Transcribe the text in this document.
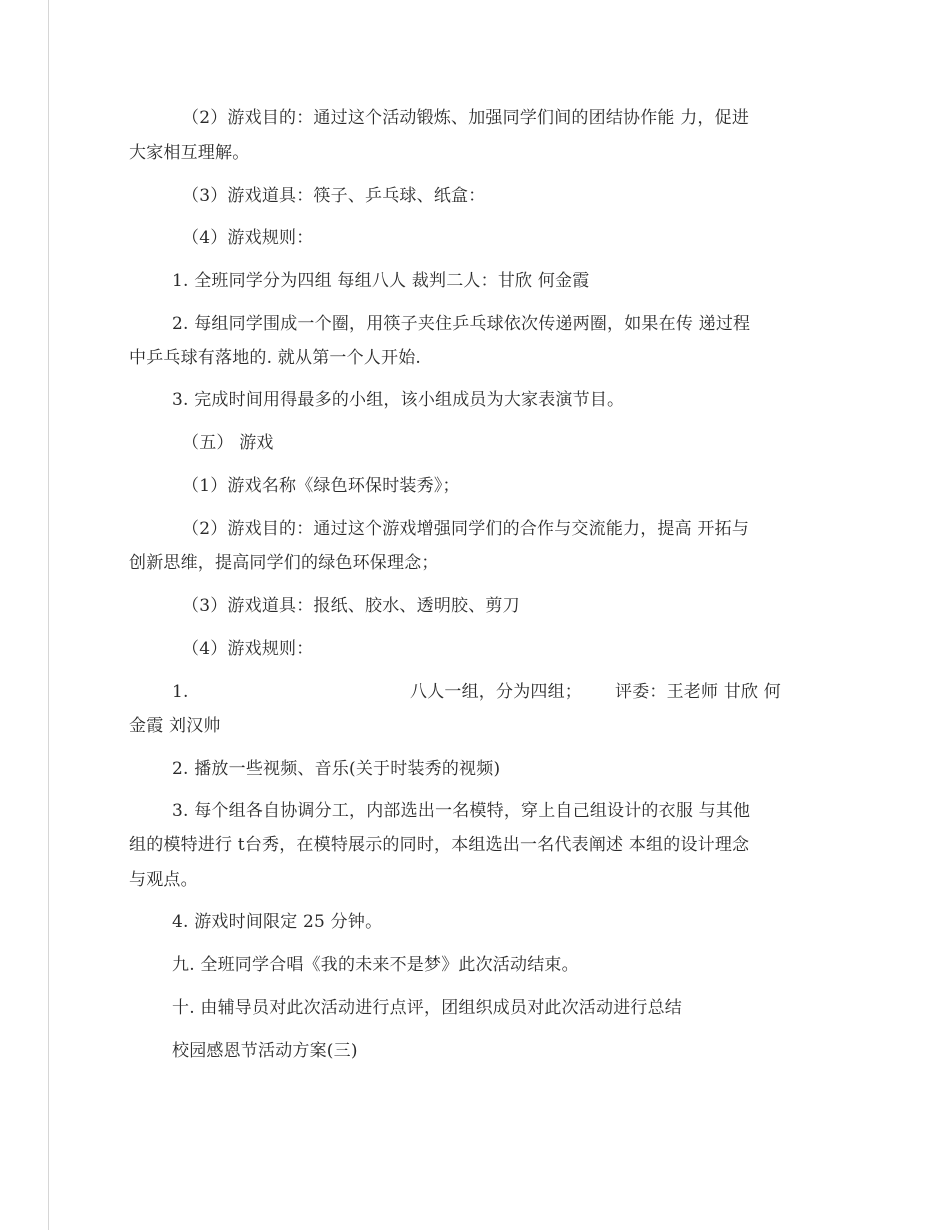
（2）游戏目的：通过这个活动锻炼、加强同学们间的团结协作能 力，促进
大家相互理解。
（3）游戏道具：筷子、乒乓球、纸盒：
（4）游戏规则：
1. 全班同学分为四组 每组八人 裁判二人：甘欣 何金霞
2. 每组同学围成一个圈，用筷子夹住乒乓球依次传递两圈，如果在传 递过程
中乒乓球有落地的. 就从第一个人开始.
3. 完成时间用得最多的小组，该小组成员为大家表演节目。
（五） 游戏
（1）游戏名称《绿色环保时装秀》；
（2）游戏目的：通过这个游戏增强同学们的合作与交流能力，提高 开拓与
创新思维，提高同学们的绿色环保理念；
（3）游戏道具：报纸、胶水、透明胶、剪刀
（4）游戏规则：
1.	八人一组，分为四组； 评委：王老师 甘欣 何
金霞 刘汉帅
2. 播放一些视频、音乐(关于时装秀的视频)
3. 每个组各自协调分工，内部选出一名模特，穿上自己组设计的衣服 与其他
组的模特进行 t台秀，在模特展示的同时，本组选出一名代表阐述 本组的设计理念
与观点。
4. 游戏时间限定 25 分钟。
九. 全班同学合唱《我的未来不是梦》此次活动结束。
十. 由辅导员对此次活动进行点评，团组织成员对此次活动进行总结
校园感恩节活动方案(三)
